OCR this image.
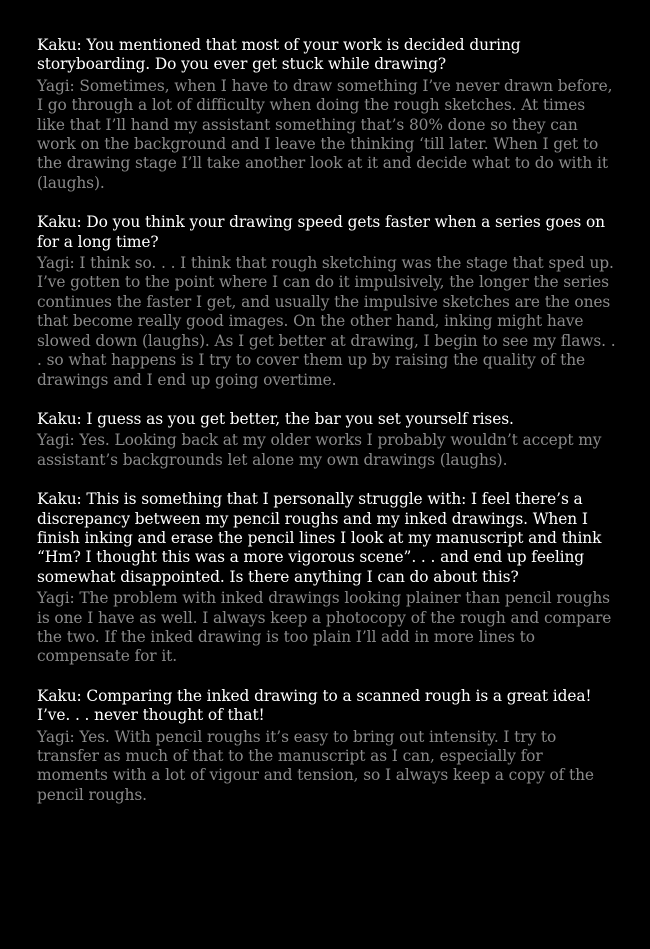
Kaku: You mentioned that most of your work is decided during storyboarding. Do you ever get stuck while drawing?

Yagi: Sometimes, when I have to draw something I’ve never drawn before, I go through a lot of difficulty when doing the rough sketches. At times like that I’ll hand my assistant something that’s 80% done so they can work on the background and I leave the thinking ‘till later. When I get to the drawing stage I’ll take another look at it and decide what to do with it (laughs).

Kaku: Do you think your drawing speed gets faster when a series goes on for a long time?

Yagi: I think so. . . I think that rough sketching was the stage that sped up. I’ve gotten to the point where I can do it impulsively, the longer the series continues the faster I get, and usually the impulsive sketches are the ones that become really good images. On the other hand, inking might have slowed down (laughs). As I get better at drawing, I begin to see my flaws. . . so what happens is I try to cover them up by raising the quality of the drawings and I end up going overtime.

Kaku: I guess as you get better, the bar you set yourself rises.

Yagi: Yes. Looking back at my older works I probably wouldn’t accept my assistant’s backgrounds let alone my own drawings (laughs).

Kaku: This is something that I personally struggle with: I feel there’s a discrepancy between my pencil roughs and my inked drawings. When I finish inking and erase the pencil lines I look at my manuscript and think “Hm? I thought this was a more vigorous scene”. . . and end up feeling somewhat disappointed. Is there anything I can do about this?

Yagi: The problem with inked drawings looking plainer than pencil roughs is one I have as well. I always keep a photocopy of the rough and compare the two. If the inked drawing is too plain I’ll add in more lines to compensate for it.

Kaku: Comparing the inked drawing to a scanned rough is a great idea! I’ve. . . never thought of that!

Yagi: Yes. With pencil roughs it’s easy to bring out intensity. I try to transfer as much of that to the manuscript as I can, especially for moments with a lot of vigour and tension, so I always keep a copy of the pencil roughs.
